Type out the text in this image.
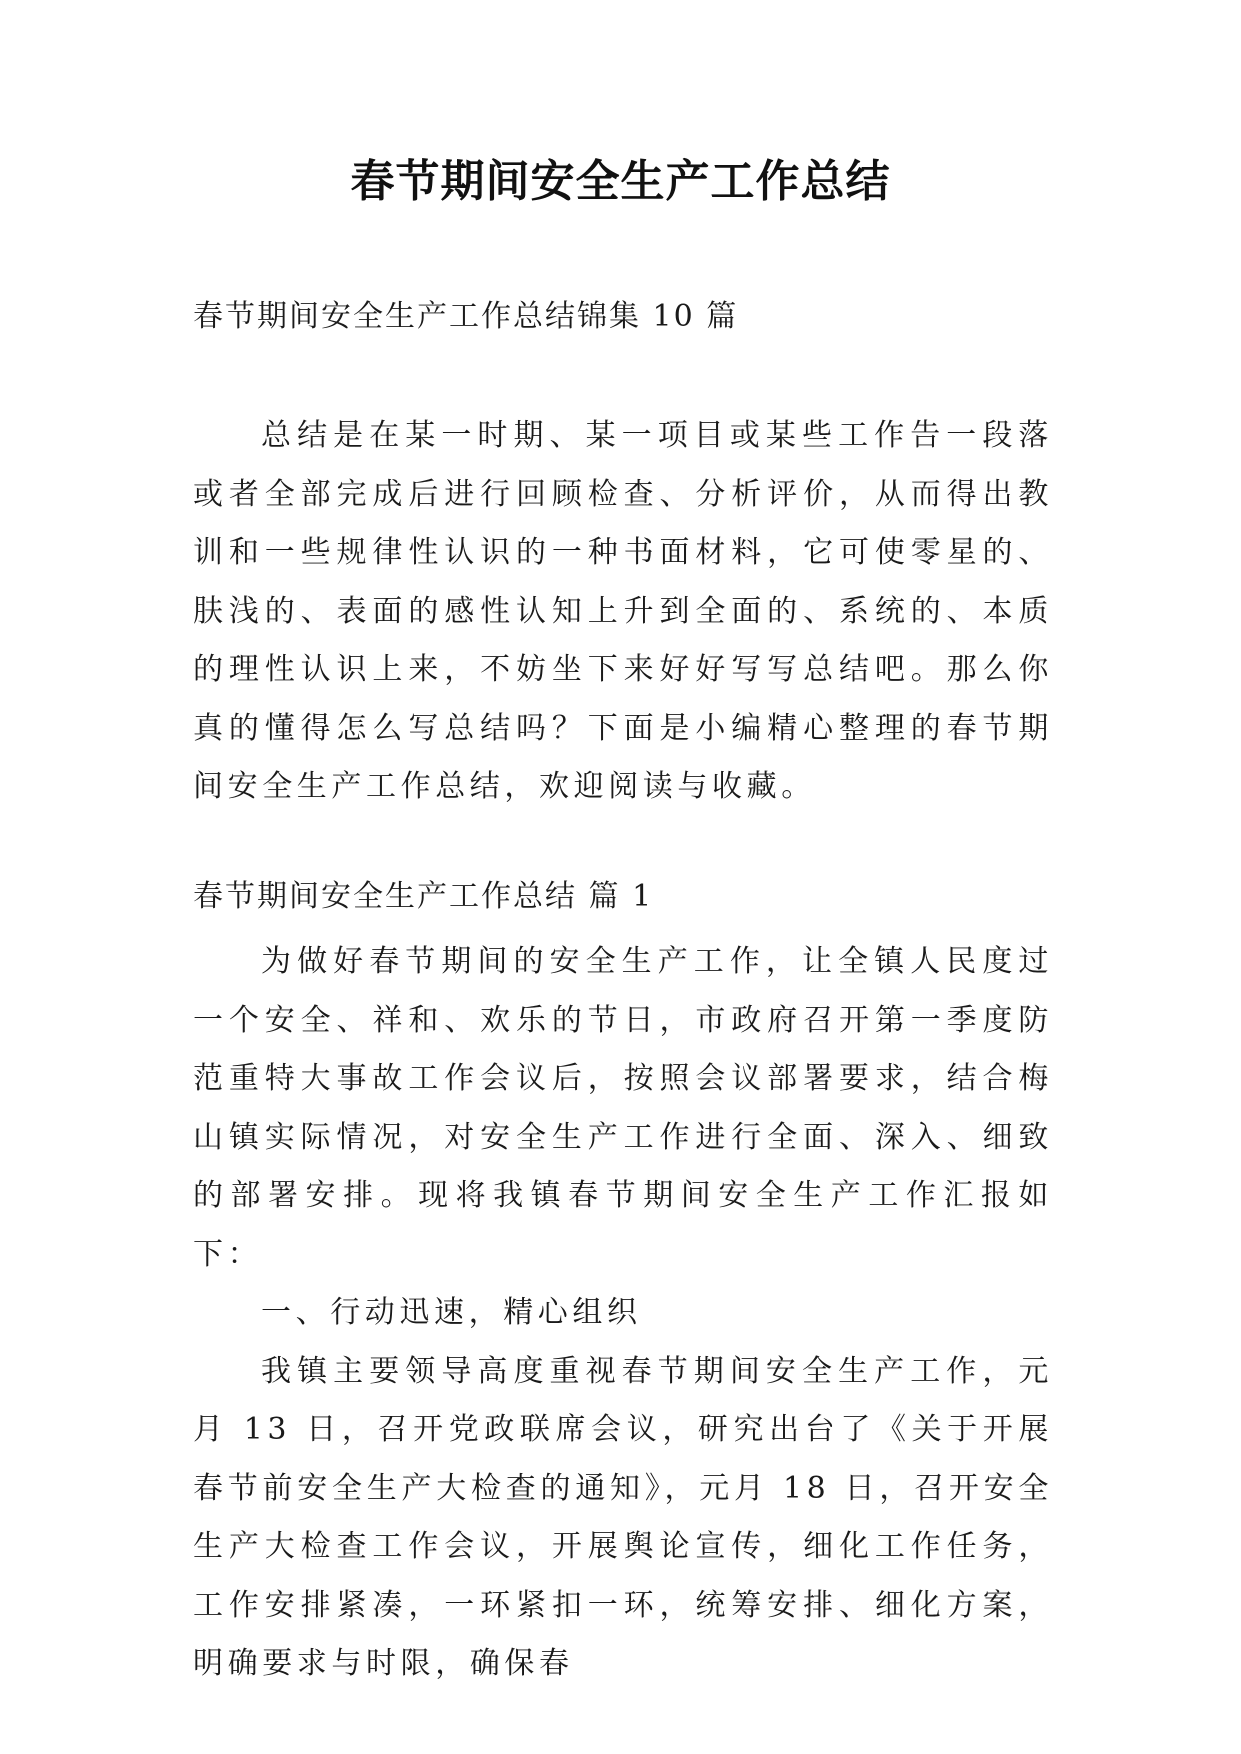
春节期间安全生产工作总结

春节期间安全生产工作总结锦集 10 篇

总结是在某一时期、某一项目或某些工作告一段落或者全部完成后进行回顾检查、分析评价，从而得出教训和一些规律性认识的一种书面材料，它可使零星的、肤浅的、表面的感性认知上升到全面的、系统的、本质的理性认识上来，不妨坐下来好好写写总结吧。那么你真的懂得怎么写总结吗？下面是小编精心整理的春节期间安全生产工作总结，欢迎阅读与收藏。

春节期间安全生产工作总结 篇 1

为做好春节期间的安全生产工作，让全镇人民度过一个安全、祥和、欢乐的节日，市政府召开第一季度防范重特大事故工作会议后，按照会议部署要求，结合梅山镇实际情况，对安全生产工作进行全面、深入、细致的部署安排。现将我镇春节期间安全生产工作汇报如下：

一、行动迅速，精心组织

我镇主要领导高度重视春节期间安全生产工作，元月 13 日，召开党政联席会议，研究出台了《关于开展春节前安全生产大检查的通知》，元月 18 日，召开安全生产大检查工作会议，开展舆论宣传，细化工作任务，工作安排紧凑，一环紧扣一环，统筹安排、细化方案，明确要求与时限，确保春
